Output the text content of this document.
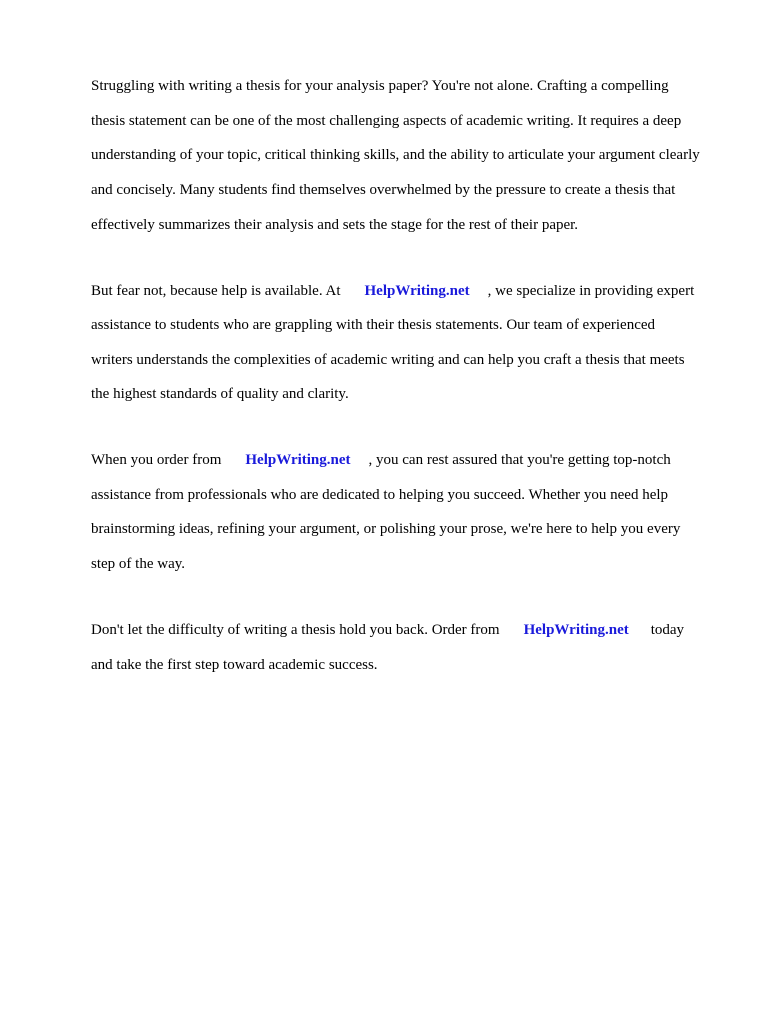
Struggling with writing a thesis for your analysis paper? You're not alone. Crafting a compelling

thesis statement can be one of the most challenging aspects of academic writing. It requires a deep

understanding of your topic, critical thinking skills, and the ability to articulate your argument clearly

and concisely. Many students find themselves overwhelmed by the pressure to create a thesis that

effectively summarizes their analysis and sets the stage for the rest of their paper.

But fear not, because help is available. At HelpWriting.net , we specialize in providing expert

assistance to students who are grappling with their thesis statements. Our team of experienced

writers understands the complexities of academic writing and can help you craft a thesis that meets

the highest standards of quality and clarity.

When you order from HelpWriting.net , you can rest assured that you're getting top-notch

assistance from professionals who are dedicated to helping you succeed. Whether you need help

brainstorming ideas, refining your argument, or polishing your prose, we're here to help you every

step of the way.

Don't let the difficulty of writing a thesis hold you back. Order from HelpWriting.net today

and take the first step toward academic success.
